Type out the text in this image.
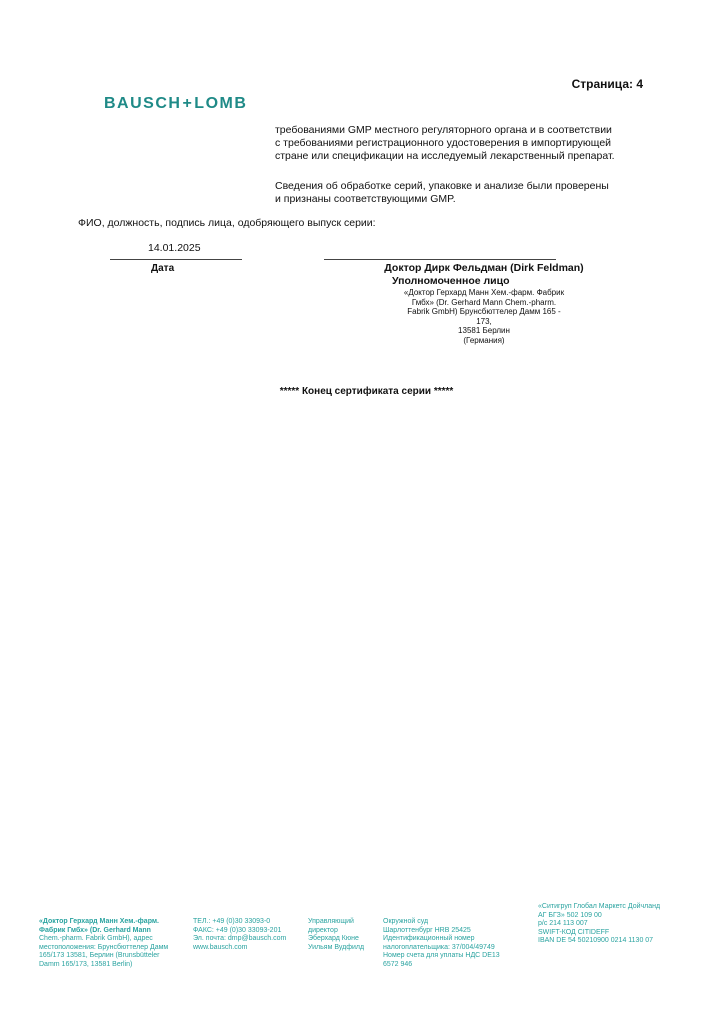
Страница: 4
BAUSCH+LOMB

требованиями GMP местного регуляторного органа и в соответствии с требованиями регистрационного удостоверения в импортирующей стране или спецификации на исследуемый лекарственный препарат.

Сведения об обработке серий, упаковке и анализе были проверены и признаны соответствующими GMP.

ФИО, должность, подпись лица, одобряющего выпуск серии:
14.01.2025
Дата	Доктор Дирк Фельдман (Dirk Feldman)
Уполномоченное лицо
«Доктор Герхард Манн Хем.-фарм. Фабрик
Гмбх» (Dr. Gerhard Mann Chem.-pharm.
Fabrik GmbH) Брунсбюттелер Дамм 165 -
173,
13581 Берлин
(Германия)
***** Конец сертификата серии *****
«Доктор Герхард Манн Хем.-фарм.
Фабрик Гмбх» (Dr. Gerhard Mann
Chem.-pharm. Fabrik GmbH), адрес
местоположения: Брунсбюттелер Дамм
165/173 13581, Берлин (Brunsbütteler
Damm 165/173, 13581 Berlin)
ТЕЛ.: +49 (0)30 33093-0
ФАКС: +49 (0)30 33093-201
Эл. почта: dmp@bausch.com
www.bausch.com
Управляющий
директор
Эберхард Кюне
Уильям Вудфилд
Окружной суд
Шарлоттенбург HRB 25425
Идентификационный номер
налогоплательщика: 37/004/49749
Номер счета для уплаты НДС DE13
6572 946
«Ситигруп Глобал Маркетс Дойчланд
АГ БГЗ» 502 109 00
р/с 214 113 007
SWIFT-КОД CITIDEFF
IBAN DE 54 50210900 0214 1130 07
